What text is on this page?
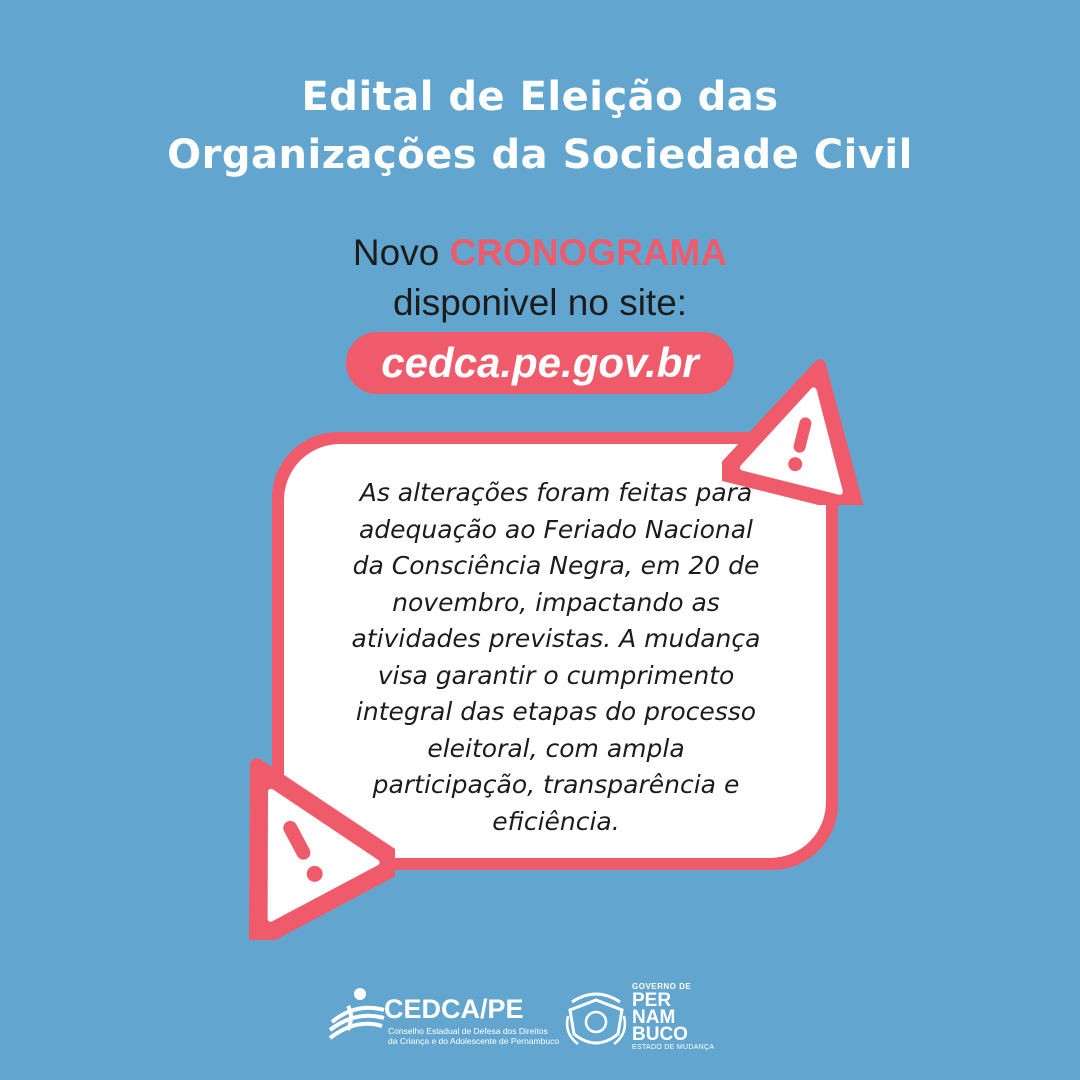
Edital de Eleição das
Organizações da Sociedade Civil
Novo CRONOGRAMA
disponivel no site:
cedca.pe.gov.br
As alterações foram feitas para
adequação ao Feriado Nacional
da Consciência Negra, em 20 de
novembro, impactando as
atividades previstas. A mudança
visa garantir o cumprimento
integral das etapas do processo
eleitoral, com ampla
participação, transparência e
eficiência.
CEDCA/PE
Conselho Estadual de Defesa dos Direitos
da Criança e do Adolescente de Pernambuco
GOVERNO DE
PER
NAM
BUCO
ESTADO DE MUDANÇA
